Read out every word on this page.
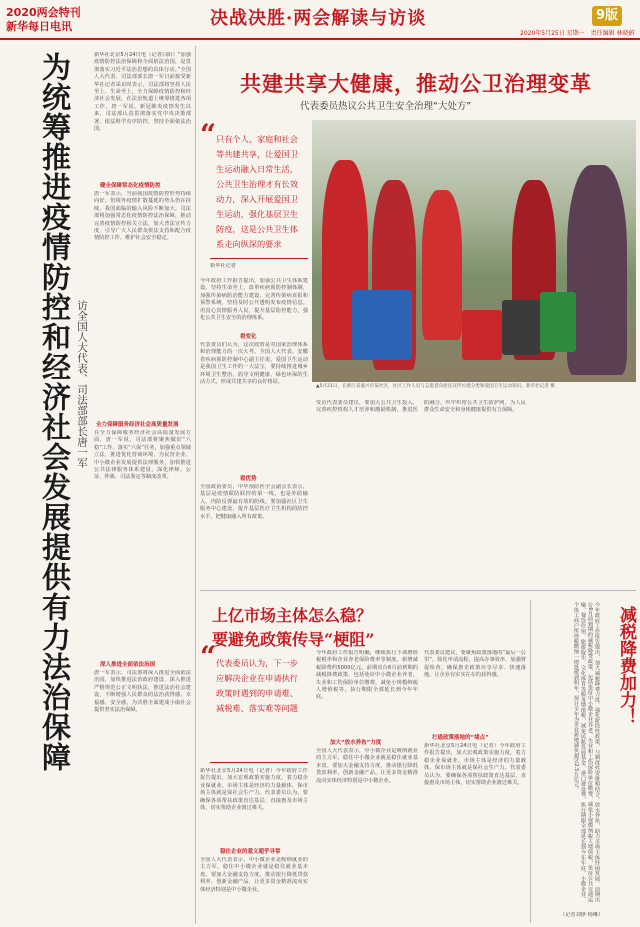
2020两会特刊
新华每日电讯	决战决胜·两会解读与访谈	9版
2020年5月25日 星期一　 责任编辑 林晓蔚
为统筹推进疫情防控和经济社会发展提供有力法治保障 访全国人大代表、司法部部长唐一军
新华社北京5月24日电（记者白阳）“加强疫情防控法治保障和全面依法治国，是贯彻落实习近平法治思想的具体行动。”全国人大代表、司法部部长唐一军日前接受新华社记者采访时表示，司法部将坚持人民至上、生命至上，全力保障疫情防控和经济社会发展，在法治轨道上统筹推进各项工作。唐一军说，新冠肺炎疫情发生以来，司法部认真贯彻落实党中央决策部署，依法科学有序防控，坚持全面依法治国。
健全保障常态化疫情防控
唐一军表示，当前我国疫情防控形势持续向好，但境外疫情扩散蔓延的势头仍在持续，我国面临的输入风险不断加大。司法部将加强常态化疫情防控法治保障，推动完善疫情防控相关立法，加大普法宣传力度，引导广大人民群众依法支持和配合疫情防控工作，维护社会安全稳定。
全力保障服务经济社会高质量发展
在全力保障服务经济社会高质量发展方面，唐一军说，司法部将聚焦做好“六稳”工作、落实“六保”任务，加强重点领域立法，推进优化营商环境，为民营企业、中小微企业发展提供法律服务，加快推进公共法律服务体系建设，深化律师、公证、仲裁、司法鉴定等制度改革。
深入推进全面依法治国
唐一军表示，司法部将深入推进全面依法治国，加快推进法治政府建设，深入推进严格规范公正文明执法，推进法治社会建设，不断增强人民群众的法治获得感、幸福感、安全感，为决胜全面建成小康社会提供坚实法治保障。
共建共享大健康，推动公卫治理变革
代表委员热议公共卫生安全治理“大处方”
“ 只有个人、家庭和社会等共建共享，让爱国卫生运动融入日常生活，公共卫生治理才有长效动力，深入开展爱国卫生运动，强化基层卫生防疫，这是公共卫生体系走向纵深的要求
新华社记者
今年政府工作报告提出，加强公共卫生体系建设。坚持生命至上，改革疾病预防控制体制，加强传染病防治能力建设，完善传染病直报和预警系统，坚持及时公开透明发布疫情信息。用真心真情服务人民，提升基层防控能力，强化公共卫生安全的治理体系。
看变化
代表委员们认为，这次疫情是对国家治理体系和治理能力的一次大考。全国人大代表、安徽省疾病预防控制中心副主任说，爱国卫生运动是我国卫生工作的一大法宝，要持续推进城乡环境卫生整治，倡导文明健康、绿色环保的生活方式，形成共建共享的良好格局。
看优势
全国政协委员、中华预防医学会副会长表示，基层是疫情联防联控的第一线，也是外防输入、内防反弹最有效的防线。要加强社区卫生服务中心建设，提升基层医疗卫生机构的防控水平，把健康融入所有政策。
▲5月21日，在浙江省嘉兴市某社区，社区工作人员与志愿者向居民宣传垃圾分类和爱国卫生运动知识。新华社记者 摄
受访代表委员建议，要加大公共卫生投入，完善疾控机构人才培养和激励机制，推进医防融合，织牢织密公共卫生防护网，为人民群众生命安全和身体健康提供有力保障。
上亿市场主体怎么稳？
要避免政策传导“梗阻”
“ 代表委员认为，下一步应解决企业在申请执行政策时遇到的申请难、减税难、落实难等问题
新华社北京5月24日电（记者）今年政府工作报告提出，加大宏观政策实施力度，着力稳企业保就业。市场主体是经济的力量载体，保市场主体就是保社会生产力。代表委员认为，要确保各项帮扶政策直达基层、直接惠及市场主体，切实帮助企业渡过难关。
稳住企业的意义超乎寻常
全国人大代表表示，中小微企业是吸纳就业的主力军，稳住中小微企业就是稳住就业基本盘。要加大金融支持力度，推动银行降低贷款利率，创新金融产品，让更多资金精准流向实体经济特别是中小微企业。
今年政府工作报告明确，继续执行下调增值税税率和企业养老保险费率等制度，新增减税降费约5000亿元。前期出台6月前到期的减税降费政策，包括免征中小微企业养老、失业和工伤保险单位缴费，减免小规模纳税人增值税等，执行期限全部延长到今年年底。
加大“放水养鱼”力度
全国人大代表表示，中小微企业是吸纳就业的主力军，稳住中小微企业就是稳住就业基本盘。要加大金融支持力度，推动银行降低贷款利率，创新金融产品，让更多资金精准流向实体经济特别是中小微企业。
代表委员建议，要聚焦政策落地的“最后一公里”，简化申请流程，提高办事效率，加强督促检查，确保惠企政策应享尽享、快速落地，让企业有实实在在的获得感。
打通政策落地的“堵点”
新华社北京5月24日电（记者）今年政府工作报告提出，加大宏观政策实施力度，着力稳企业保就业。市场主体是经济的力量载体，保市场主体就是保社会生产力。代表委员认为，要确保各项帮扶政策直达基层、直接惠及市场主体，切实帮助企业渡过难关。	今年政府工作报告提出，加大减税降费力度。强化阶段性政策，与制度性安排相结合，放水养鱼，助力市场主体纾困发展。前期出台6月前到期的减税降费政策，包括免征中小微企业养老、失业和工伤保险单位缴费，减免小规模纳税人增值税，免征公共交通运输、餐饮住宿、旅游娱乐、文化体育等服务增值税，减免民航发展基金、港口建设费，执行期限全部延长到今年年底。小微企业、个体工商户所得税缴纳一律延缓到明年。预计全年为企业新增减负超过2.5万亿元。	减税降费加力！
（记者刘铮 杨琳）
